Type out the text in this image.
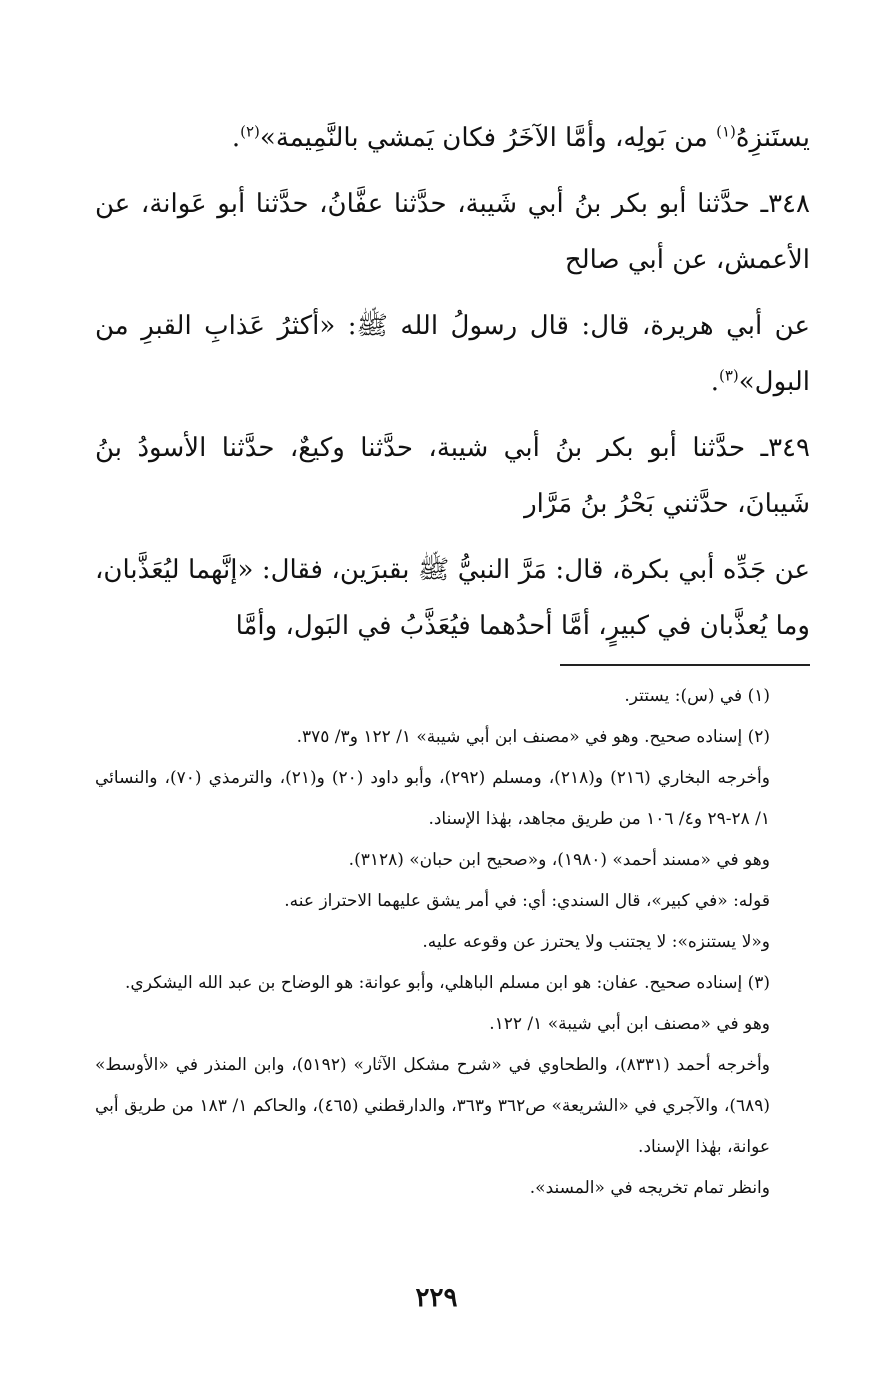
يستَنزِهُ$^{(١)}$ من بَولِه، وأمَّا الآخَرُ فكان يَمشي بالنَّمِيمة»$^{(٢)}$.

٣٤٨ـ حدَّثنا أبو بكر بنُ أبي شَيبة، حدَّثنا عفَّانُ، حدَّثنا أبو عَوانة، عن الأعمش، عن أبي صالح

عن أبي هريرة، قال: قال رسولُ الله ﷺ: «أكثرُ عَذابِ القبرِ من البول»$^{(٣)}$.

٣٤٩ـ حدَّثنا أبو بكر بنُ أبي شيبة، حدَّثنا وكيعٌ، حدَّثنا الأسودُ بنُ شَيبانَ، حدَّثني بَحْرُ بنُ مَرَّار

عن جَدِّه أبي بكرة، قال: مَرَّ النبيُّ ﷺ بقبرَين، فقال: «إنَّهما ليُعَذَّبان، وما يُعذَّبان في كبيرٍ، أمَّا أحدُهما فيُعَذَّبُ في البَول، وأمَّا

(١) في (س): يستتر.

(٢) إسناده صحيح. وهو في «مصنف ابن أبي شيبة» ١/ ١٢٢ و٣/ ٣٧٥.

وأخرجه البخاري (٢١٦) و(٢١٨)، ومسلم (٢٩٢)، وأبو داود (٢٠) و(٢١)، والترمذي (٧٠)، والنسائي ١/ ٢٨-٢٩ و٤/ ١٠٦ من طريق مجاهد، بهٰذا الإسناد.

وهو في «مسند أحمد» (١٩٨٠)، و«صحيح ابن حبان» (٣١٢٨).

قوله: «في كبير»، قال السندي: أي: في أمر يشق عليهما الاحتراز عنه.

و«لا يستنزه»: لا يجتنب ولا يحترز عن وقوعه عليه.

(٣) إسناده صحيح. عفان: هو ابن مسلم الباهلي، وأبو عوانة: هو الوضاح بن عبد الله اليشكري.

وهو في «مصنف ابن أبي شيبة» ١/ ١٢٢.

وأخرجه أحمد (٨٣٣١)، والطحاوي في «شرح مشكل الآثار» (٥١٩٢)، وابن المنذر في «الأوسط» (٦٨٩)، والآجري في «الشريعة» ص٣٦٢ و٣٦٣، والدارقطني (٤٦٥)، والحاكم ١/ ١٨٣ من طريق أبي عوانة، بهٰذا الإسناد.

وانظر تمام تخريجه في «المسند».

٢٢٩
